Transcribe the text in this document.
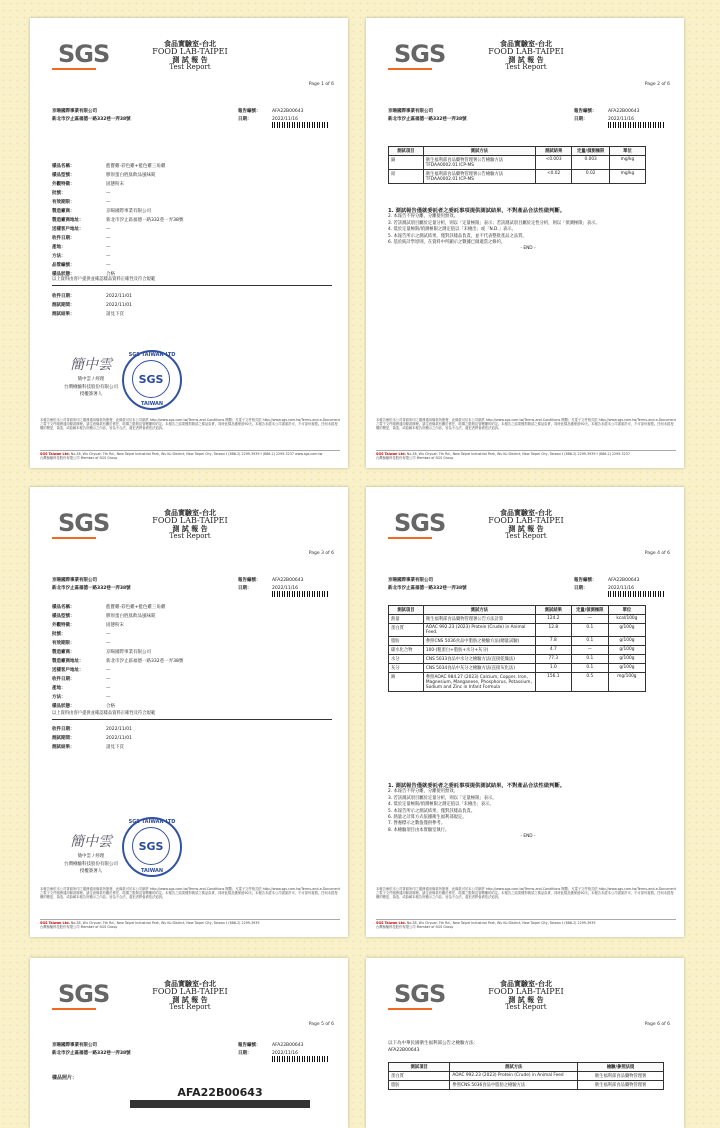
SGS	食品實驗室-台北
FOOD LAB-TAIPEI
測 試 報 告
Test Report
Page 1 of 6
京暘國際事業有限公司
新北市汐止區福德一路332巷一弄38號
報告編號：	AFA22B00643
日期：	2022/11/16
樣品名稱：	藍寶雞-彩色雞+藍色雞三角雞
樣品型號：	膠原蛋白胜肽飲品風味錠
外觀特徵：	固態粉末
批號：	—
有效期限：	—
製造廠商：	京暘國際事業有限公司
製造廠商地址：	新北市汐止區福德一路332巷一弄38號
送樣客戶地址：	—
收件日期：	—
產地：	—
方法：	—
品管編號：	—
樣品狀態：	合格
以上資料由客戶提供並確認樣品資料正確性及符合規範
收件日期：	2022/11/01
測試期間：	2022/11/01
測試結果：	請見下頁
簡中雲
簡中雲 / 經理
台灣檢驗科技股份有限公司
授權簽署人
SGS TAIWAN LTD
SGS
TAIWAN
本報告係依本公司背面所印之服務通用條款所簽發，此條款可於本公司網頁 http://www.sgs.com.tw/Terms-and-Conditions 閱覽；凡電子文件格式依 http://www.sgs.com.tw/Terms-and-e-Document 之電子文件服務通用條款辦理。請注意條款有關於責任、賠償之限制及管轄權的約定。本報告之結果僅對測試之樣品負責，同時此樣品僅保留90天。本報告未經本公司書面許可，不可部份複製。任何未經授權的變更、偽造、或曲解本報告所顯示之內容，皆為不合法，違犯者將會被依法追訴。
SGS Taiwan Ltd. No.38, Wu Chyuan 7th Rd., New Taipei Industrial Park, Wu Ku District, New Taipei City, Taiwan t (886-2) 2299-3939 f (886-2) 2299-3237 www.sgs.com.tw
台灣檢驗科技股份有限公司 Member of SGS Group
SGS	食品實驗室-台北
FOOD LAB-TAIPEI
測 試 報 告
Test Report
Page 2 of 6
京暘國際事業有限公司
新北市汐止區福德一路332巷一弄38號
報告編號：	AFA22B00643
日期：	2022/11/16
測試項目	測試方法	測試結果	定量/偵測極限	單位
鎘	衛生福利部食品藥物管理署公告檢驗方法 TFDAA0002.01 ICP-MS	<0.003	0.003	mg/kg
鉛	衛生福利部食品藥物管理署公告檢驗方法 TFDAA0002.01 ICP-MS	<0.02	0.02	mg/kg
1. 測試報告僅就委託者之委託事項提供測試結果，不對產品合法性做判斷。
2. 本報告不得分離，分離使用無效。
3. 若該測試項目屬於定量分析，則以「定量極限」表示；若該測試項目屬於定性分析，則以「偵測極限」表示。
4. 低於定量極限/偵測極限之測定值以「未檢出」或「N.D.」表示。
5. 本報告所示之測試結果，僅對該樣品負責，並不代表整批產品之品質。
6. 基於統計學原則，在資料中所顯示之數據已做適當之修約。
- END -
本報告係依本公司背面所印之服務通用條款所簽發，此條款可於本公司網頁 http://www.sgs.com.tw/Terms-and-Conditions 閱覽；凡電子文件格式依 http://www.sgs.com.tw/Terms-and-e-Document 之電子文件服務通用條款辦理。請注意條款有關於責任、賠償之限制及管轄權的約定。本報告之結果僅對測試之樣品負責，同時此樣品僅保留90天。本報告未經本公司書面許可，不可部份複製。任何未經授權的變更、偽造、或曲解本報告所顯示之內容，皆為不合法，違犯者將會被依法追訴。
SGS Taiwan Ltd. No.38, Wu Chyuan 7th Rd., New Taipei Industrial Park, Wu Ku District, New Taipei City, Taiwan t (886-2) 2299-3939 f (886-2) 2299-3237
台灣檢驗科技股份有限公司 Member of SGS Group
SGS	食品實驗室-台北
FOOD LAB-TAIPEI
測 試 報 告
Test Report
Page 3 of 6
京暘國際事業有限公司
新北市汐止區福德一路332巷一弄38號
報告編號：	AFA22B00643
日期：	2022/11/16
樣品名稱：	藍寶雞-彩色雞+藍色雞三角雞
樣品型號：	膠原蛋白胜肽飲品風味錠
外觀特徵：	固態粉末
批號：	—
有效期限：	—
製造廠商：	京暘國際事業有限公司
製造廠商地址：	新北市汐止區福德一路332巷一弄38號
送樣客戶地址：	—
收件日期：	—
產地：	—
方法：	—
樣品狀態：	合格
以上資料由客戶提供並確認樣品資料正確性及符合規範
收件日期：	2022/11/01
測試期間：	2022/11/01
測試結果：	請見下頁
簡中雲
簡中雲 / 經理
台灣檢驗科技股份有限公司
授權簽署人
SGS TAIWAN LTD
SGS
TAIWAN
本報告係依本公司背面所印之服務通用條款所簽發，此條款可於本公司網頁 http://www.sgs.com.tw/Terms-and-Conditions 閱覽；凡電子文件格式依 http://www.sgs.com.tw/Terms-and-e-Document 之電子文件服務通用條款辦理。請注意條款有關於責任、賠償之限制及管轄權的約定。本報告之結果僅對測試之樣品負責，同時此樣品僅保留90天。本報告未經本公司書面許可，不可部份複製。任何未經授權的變更、偽造、或曲解本報告所顯示之內容，皆為不合法，違犯者將會被依法追訴。
SGS Taiwan Ltd. No.38, Wu Chyuan 7th Rd., New Taipei Industrial Park, Wu Ku District, New Taipei City, Taiwan t (886-2) 2299-3939
台灣檢驗科技股份有限公司 Member of SGS Group
SGS	食品實驗室-台北
FOOD LAB-TAIPEI
測 試 報 告
Test Report
Page 4 of 6
京暘國際事業有限公司
新北市汐止區福德一路332巷一弄38號
報告編號：	AFA22B00643
日期：	2022/11/16
測試項目	測試方法	測試結果	定量/偵測極限	單位
熱量	衛生福利部食品藥物管理署公告方法計算	124.2	—	kcal/100g
蛋白質	AOAC 992.23 (2023) Protein (Crude) in Animal Feed.	12.8	0.1	g/100g
脂肪	參照CNS 5036食品中脂肪之檢驗方法(總量試驗)	7.8	0.1	g/100g
碳水化合物	100-(粗蛋白+脂肪+水分+灰分)	4.7	—	g/100g
水分	CNS 5033食品中水分之檢驗方法(直接乾燥法)	77.3	0.1	g/100g
灰分	CNS 5034食品中灰分之檢驗方法(直接灰化法)	1.0	0.1	g/100g
鈉	參照AOAC 984.27 (2023) Calcium, Copper, Iron, Magnesium, Manganese, Phosphorus, Potassium, Sodium and Zinc in Infant Formula	156.1	0.5	mg/100g
1. 測試報告僅就委託者之委託事項提供測試結果，不對產品合法性做判斷。
2. 本報告不得分離，分離使用無效。
3. 若該測試項目屬於定量分析，則以「定量極限」表示。
4. 低於定量極限/偵測極限之測定值以「未檢出」表示。
5. 本報告所示之測試結果，僅對該樣品負責。
6. 熱量之計算方式依據衛生福利部規定。
7. 營養標示之數值僅供參考。
8. 本檢驗項目由本實驗室執行。
- END -
本報告係依本公司背面所印之服務通用條款所簽發，此條款可於本公司網頁 http://www.sgs.com.tw/Terms-and-Conditions 閱覽；凡電子文件格式依 http://www.sgs.com.tw/Terms-and-e-Document 之電子文件服務通用條款辦理。請注意條款有關於責任、賠償之限制及管轄權的約定。本報告之結果僅對測試之樣品負責，同時此樣品僅保留90天。本報告未經本公司書面許可，不可部份複製。任何未經授權的變更、偽造、或曲解本報告所顯示之內容，皆為不合法，違犯者將會被依法追訴。
SGS Taiwan Ltd. No.38, Wu Chyuan 7th Rd., New Taipei Industrial Park, Wu Ku District, New Taipei City, Taiwan t (886-2) 2299-3939
台灣檢驗科技股份有限公司 Member of SGS Group
SGS	食品實驗室-台北
FOOD LAB-TAIPEI
測 試 報 告
Test Report
Page 5 of 6
京暘國際事業有限公司
新北市汐止區福德一路332巷一弄38號
報告編號：	AFA22B00643
日期：	2022/11/16
樣品照片：
AFA22B00643
SGS	食品實驗室-台北
FOOD LAB-TAIPEI
測 試 報 告
Test Report
Page 6 of 6
以下為中華民國衛生福利部公告之檢驗方法：
AFA22B00643
測試項目	測試方法	檢驗/參照法規
蛋白質	AOAC 992.23 (2023) Protein (Crude) in Animal Feed	衛生福利部食品藥物管理署
脂肪	參照CNS 5036食品中脂肪之檢驗方法	衛生福利部食品藥物管理署
